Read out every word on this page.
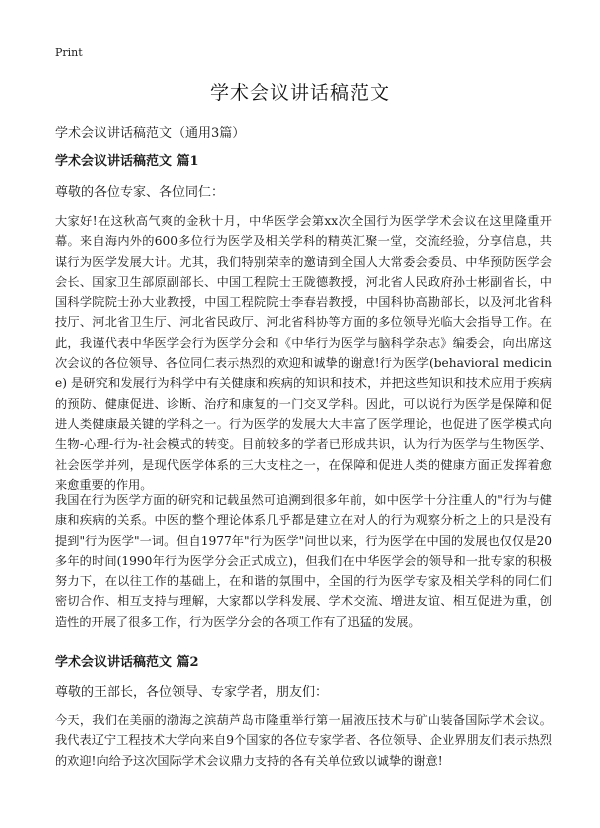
Print
学术会议讲话稿范文
学术会议讲话稿范文（通用3篇）
学术会议讲话稿范文 篇1
尊敬的各位专家、各位同仁：

大家好!在这秋高气爽的金秋十月，中华医学会第xx次全国行为医学学术会议在这里隆重开幕。来自海内外的600多位行为医学及相关学科的精英汇聚一堂，交流经验，分享信息，共谋行为医学发展大计。尤其，我们特别荣幸的邀请到全国人大常委会委员、中华预防医学会会长、国家卫生部原副部长、中国工程院士王陇德教授，河北省人民政府孙士彬副省长，中国科学院院士孙大业教授，中国工程院院士李春岩教授，中国科协高勘部长，以及河北省科技厅、河北省卫生厅、河北省民政厅、河北省科协等方面的多位领导光临大会指导工作。在此，我谨代表中华医学会行为医学分会和《中华行为医学与脑科学杂志》编委会，向出席这次会议的各位领导、各位同仁表示热烈的欢迎和诚挚的谢意!行为医学(behavioral medicine) 是研究和发展行为科学中有关健康和疾病的知识和技术，并把这些知识和技术应用于疾病的预防、健康促进、诊断、治疗和康复的一门交叉学科。因此，可以说行为医学是保障和促进人类健康最关键的学科之一。行为医学的发展大大丰富了医学理论，也促进了医学模式向生物-心理-行为-社会模式的转变。目前较多的学者已形成共识，认为行为医学与生物医学、社会医学并列，是现代医学体系的三大支柱之一，在保障和促进人类的健康方面正发挥着愈来愈重要的作用。

我国在行为医学方面的研究和记载虽然可追溯到很多年前，如中医学十分注重人的"行为与健康和疾病的关系。中医的整个理论体系几乎都是建立在对人的行为观察分析之上的只是没有提到"行为医学"一词。但自1977年"行为医学"问世以来，行为医学在中国的发展也仅仅是20多年的时间(1990年行为医学分会正式成立)，但我们在中华医学会的领导和一批专家的积极努力下，在以往工作的基础上，在和谐的氛围中，全国的行为医学专家及相关学科的同仁们密切合作、相互支持与理解，大家都以学科发展、学术交流、增进友谊、相互促进为重，创造性的开展了很多工作，行为医学分会的各项工作有了迅猛的发展。

学术会议讲话稿范文 篇2
尊敬的王部长，各位领导、专家学者，朋友们：

今天，我们在美丽的渤海之滨葫芦岛市隆重举行第一届液压技术与矿山装备国际学术会议。我代表辽宁工程技术大学向来自9个国家的各位专家学者、各位领导、企业界朋友们表示热烈的欢迎!向给予这次国际学术会议鼎力支持的各有关单位致以诚挚的谢意!
